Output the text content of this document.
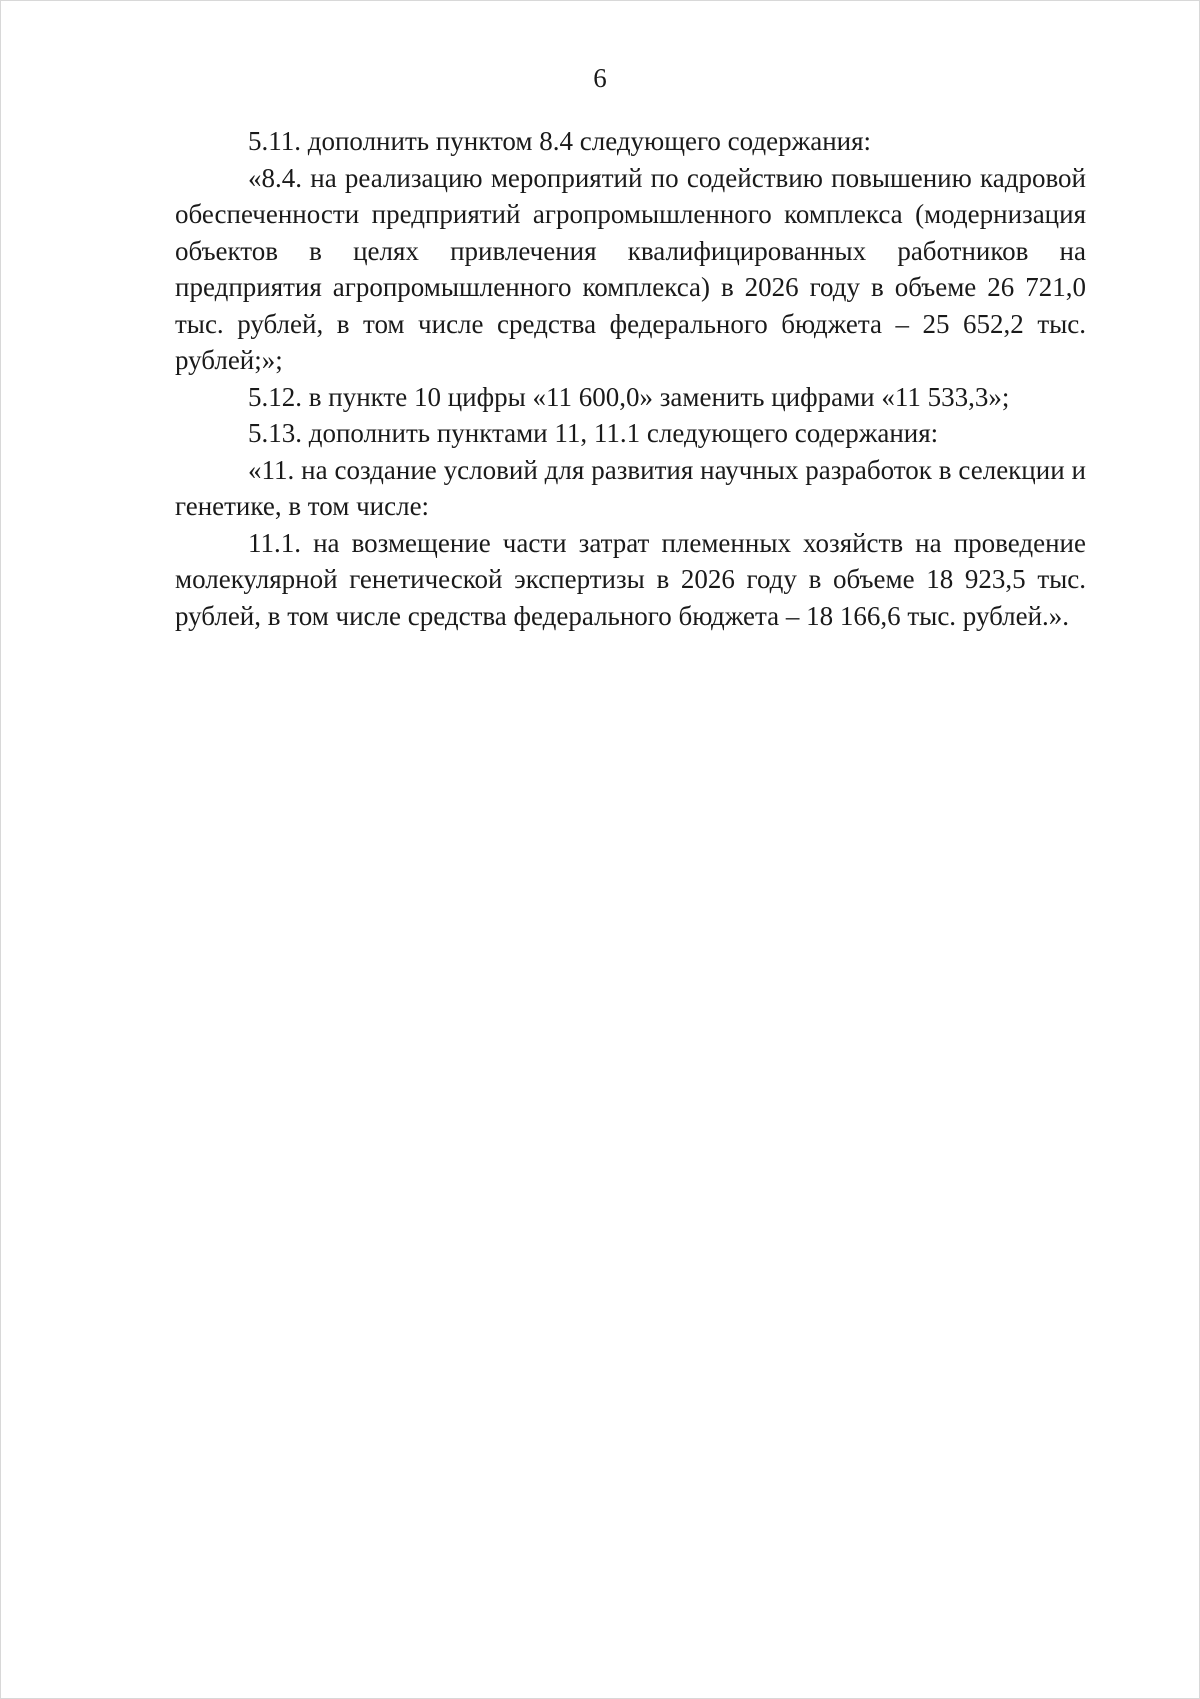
6

5.11. дополнить пунктом 8.4 следующего содержания:

«8.4. на реализацию мероприятий по содействию повышению кадровой обеспеченности предприятий агропромышленного комплекса (модернизация объектов в целях привлечения квалифицированных работников на предприятия агропромышленного комплекса) в 2026 году в объеме 26 721,0 тыс. рублей, в том числе средства федерального бюджета – 25 652,2 тыс. рублей;»;

5.12. в пункте 10 цифры «11 600,0» заменить цифрами «11 533,3»;

5.13. дополнить пунктами 11, 11.1 следующего содержания:

«11. на создание условий для развития научных разработок в селекции и генетике, в том числе:

11.1. на возмещение части затрат племенных хозяйств на проведение молекулярной генетической экспертизы в 2026 году в объеме 18 923,5 тыс. рублей, в том числе средства федерального бюджета – 18 166,6 тыс. рублей.».
